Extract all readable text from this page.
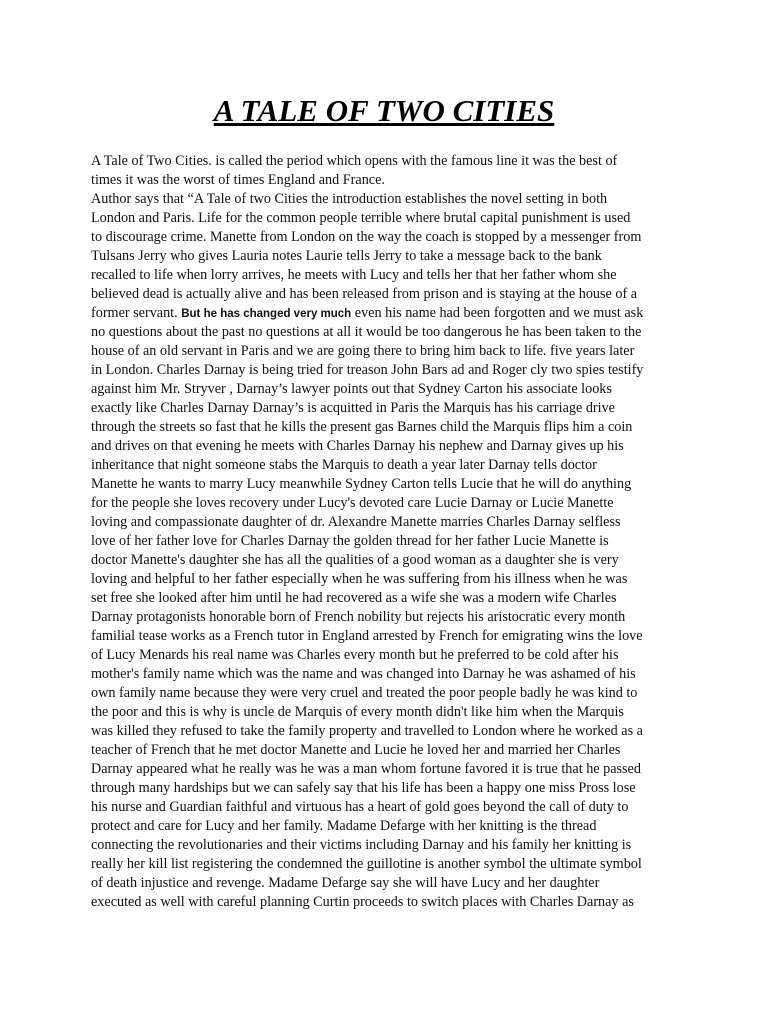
A TALE OF TWO CITIES
A Tale of Two Cities. is called the period which opens with the famous line it was the best of
times it was the worst of times England and France.
Author says that “A Tale of two Cities the introduction establishes the novel setting in both
London and Paris. Life for the common people terrible where brutal capital punishment is used
to discourage crime. Manette from London on the way the coach is stopped by a messenger from
Tulsans Jerry who gives Lauria notes Laurie tells Jerry to take a message back to the bank
recalled to life when lorry arrives, he meets with Lucy and tells her that her father whom she
believed dead is actually alive and has been released from prison and is staying at the house of a
former servant. But he has changed very much even his name had been forgotten and we must ask
no questions about the past no questions at all it would be too dangerous he has been taken to the
house of an old servant in Paris and we are going there to bring him back to life. five years later
in London. Charles Darnay is being tried for treason John Bars ad and Roger cly two spies testify
against him Mr. Stryver , Darnay’s lawyer points out that Sydney Carton his associate looks
exactly like Charles Darnay Darnay’s is acquitted in Paris the Marquis has his carriage drive
through the streets so fast that he kills the present gas Barnes child the Marquis flips him a coin
and drives on that evening he meets with Charles Darnay his nephew and Darnay gives up his
inheritance that night someone stabs the Marquis to death a year later Darnay tells doctor
Manette he wants to marry Lucy meanwhile Sydney Carton tells Lucie that he will do anything
for the people she loves recovery under Lucy's devoted care Lucie Darnay or Lucie Manette
loving and compassionate daughter of dr. Alexandre Manette marries Charles Darnay selfless
love of her father love for Charles Darnay the golden thread for her father Lucie Manette is
doctor Manette's daughter she has all the qualities of a good woman as a daughter she is very
loving and helpful to her father especially when he was suffering from his illness when he was
set free she looked after him until he had recovered as a wife she was a modern wife Charles
Darnay protagonists honorable born of French nobility but rejects his aristocratic every month
familial tease works as a French tutor in England arrested by French for emigrating wins the love
of Lucy Menards his real name was Charles every month but he preferred to be cold after his
mother's family name which was the name and was changed into Darnay he was ashamed of his
own family name because they were very cruel and treated the poor people badly he was kind to
the poor and this is why is uncle de Marquis of every month didn't like him when the Marquis
was killed they refused to take the family property and travelled to London where he worked as a
teacher of French that he met doctor Manette and Lucie he loved her and married her Charles
Darnay appeared what he really was he was a man whom fortune favored it is true that he passed
through many hardships but we can safely say that his life has been a happy one miss Pross lose
his nurse and Guardian faithful and virtuous has a heart of gold goes beyond the call of duty to
protect and care for Lucy and her family. Madame Defarge with her knitting is the thread
connecting the revolutionaries and their victims including Darnay and his family her knitting is
really her kill list registering the condemned the guillotine is another symbol the ultimate symbol
of death injustice and revenge. Madame Defarge say she will have Lucy and her daughter
executed as well with careful planning Curtin proceeds to switch places with Charles Darnay as
